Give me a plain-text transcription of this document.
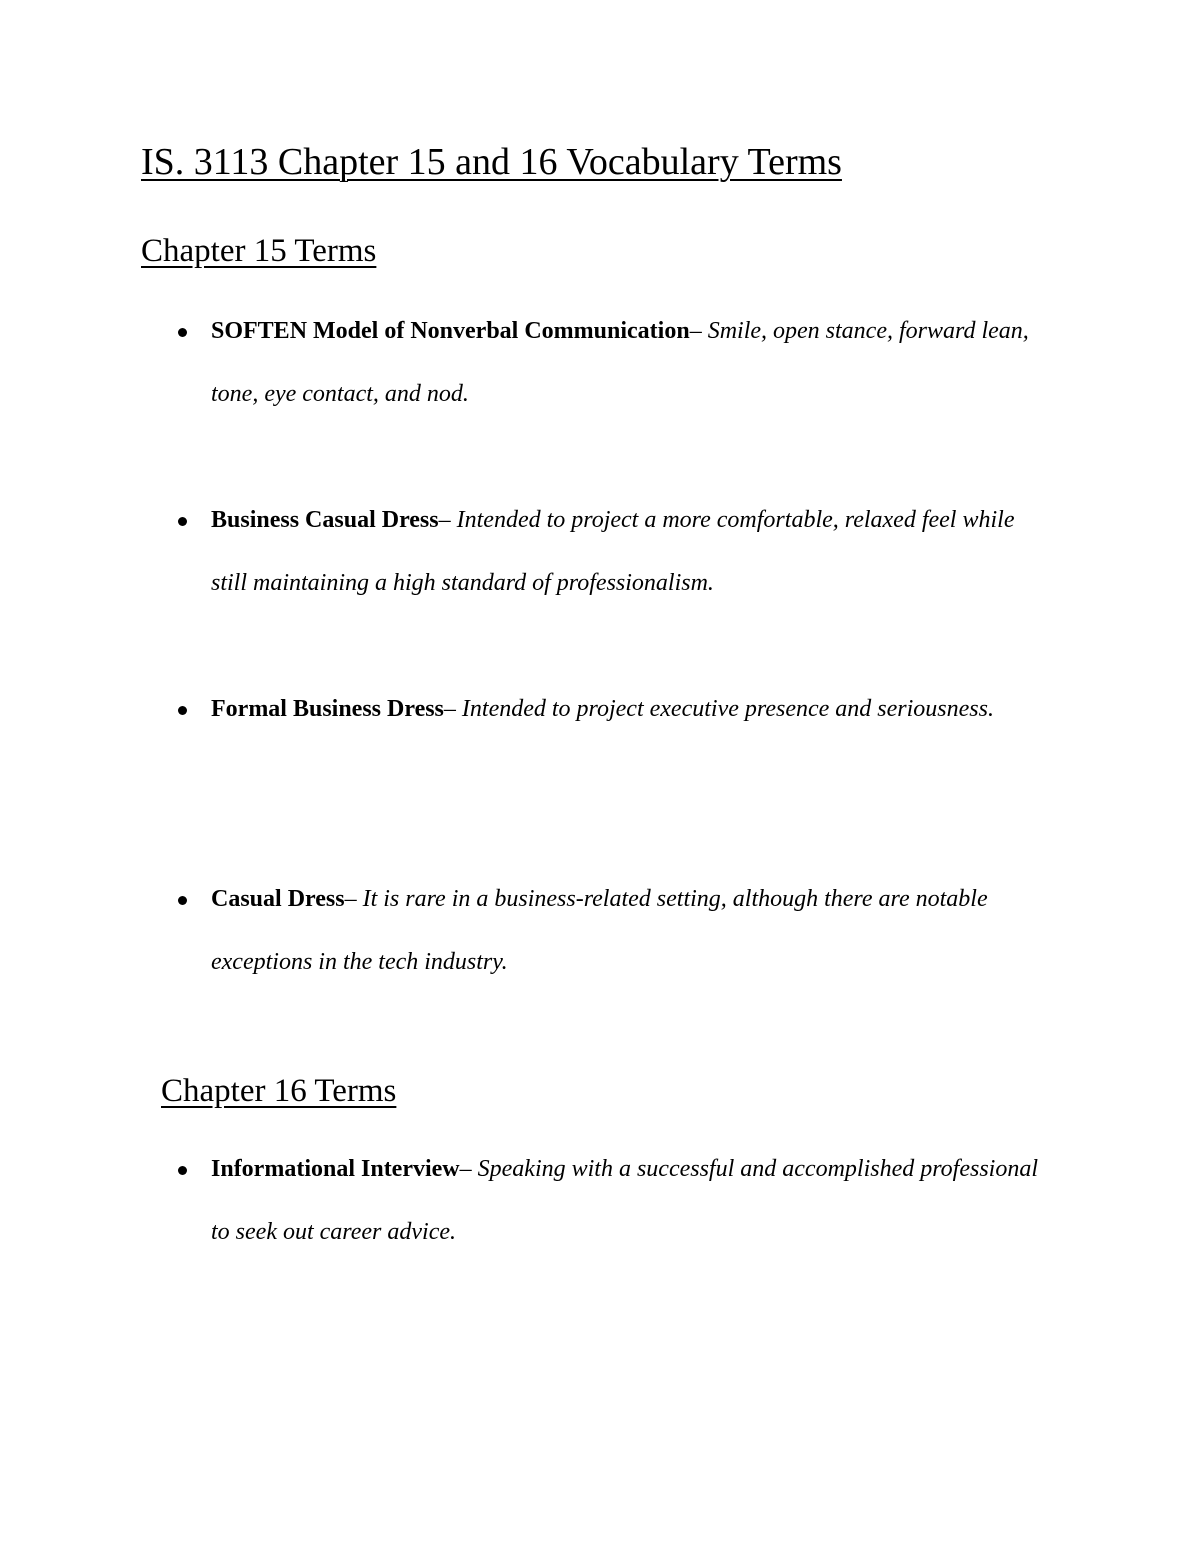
IS. 3113 Chapter 15 and 16 Vocabulary Terms
Chapter 15 Terms
SOFTEN Model of Nonverbal Communication– Smile, open stance, forward lean, tone, eye contact, and nod.
Business Casual Dress– Intended to project a more comfortable, relaxed feel while still maintaining a high standard of professionalism.
Formal Business Dress– Intended to project executive presence and seriousness.
Casual Dress– It is rare in a business-related setting, although there are notable exceptions in the tech industry.
Chapter 16 Terms
Informational Interview– Speaking with a successful and accomplished professional to seek out career advice.
